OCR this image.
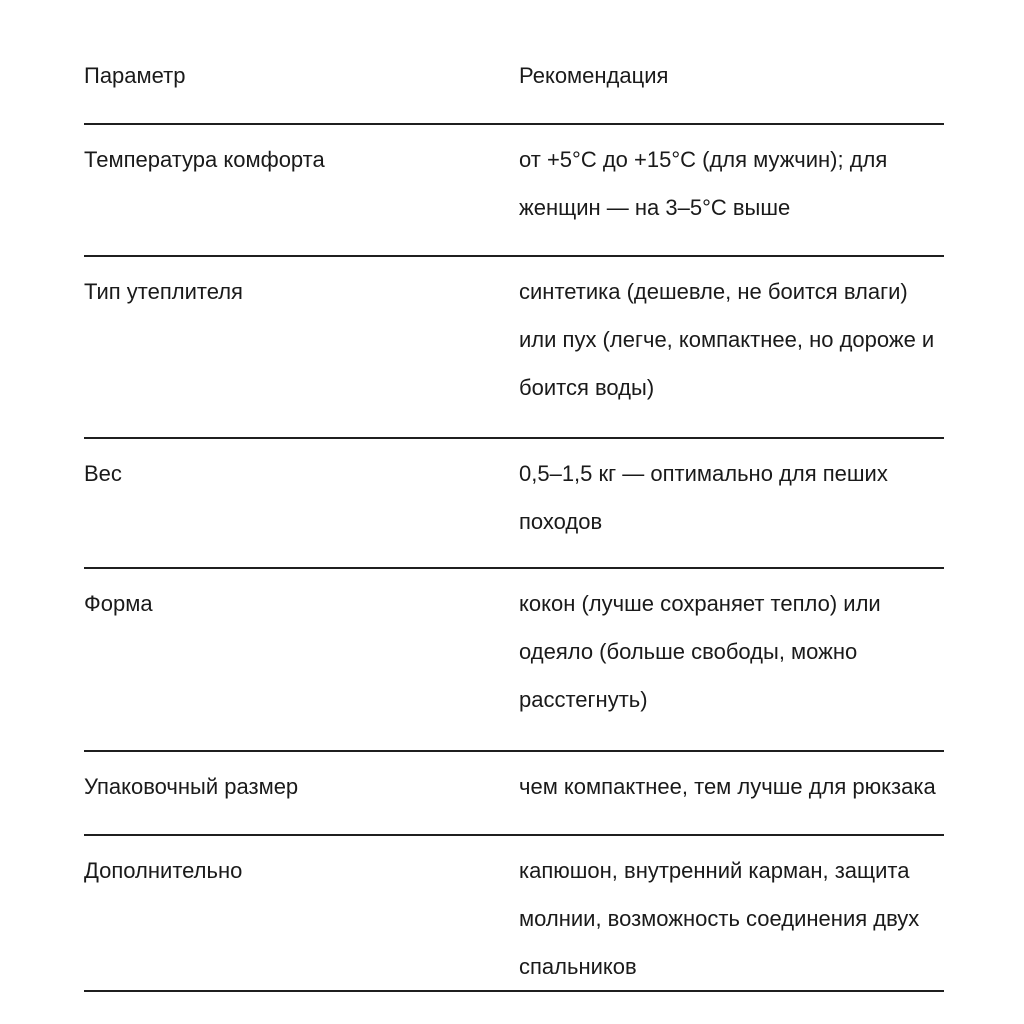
Параметр	Рекомендация
Температура комфорта	от +5°C до +15°C (для мужчин); для
женщин — на 3–5°C выше
Тип утеплителя	синтетика (дешевле, не боится влаги)
или пух (легче, компактнее, но дороже и
боится воды)
Вес	0,5–1,5 кг — оптимально для пеших
походов
Форма	кокон (лучше сохраняет тепло) или
одеяло (больше свободы, можно
расстегнуть)
Упаковочный размер	чем компактнее, тем лучше для рюкзака
Дополнительно	капюшон, внутренний карман, защита
молнии, возможность соединения двух
спальников
